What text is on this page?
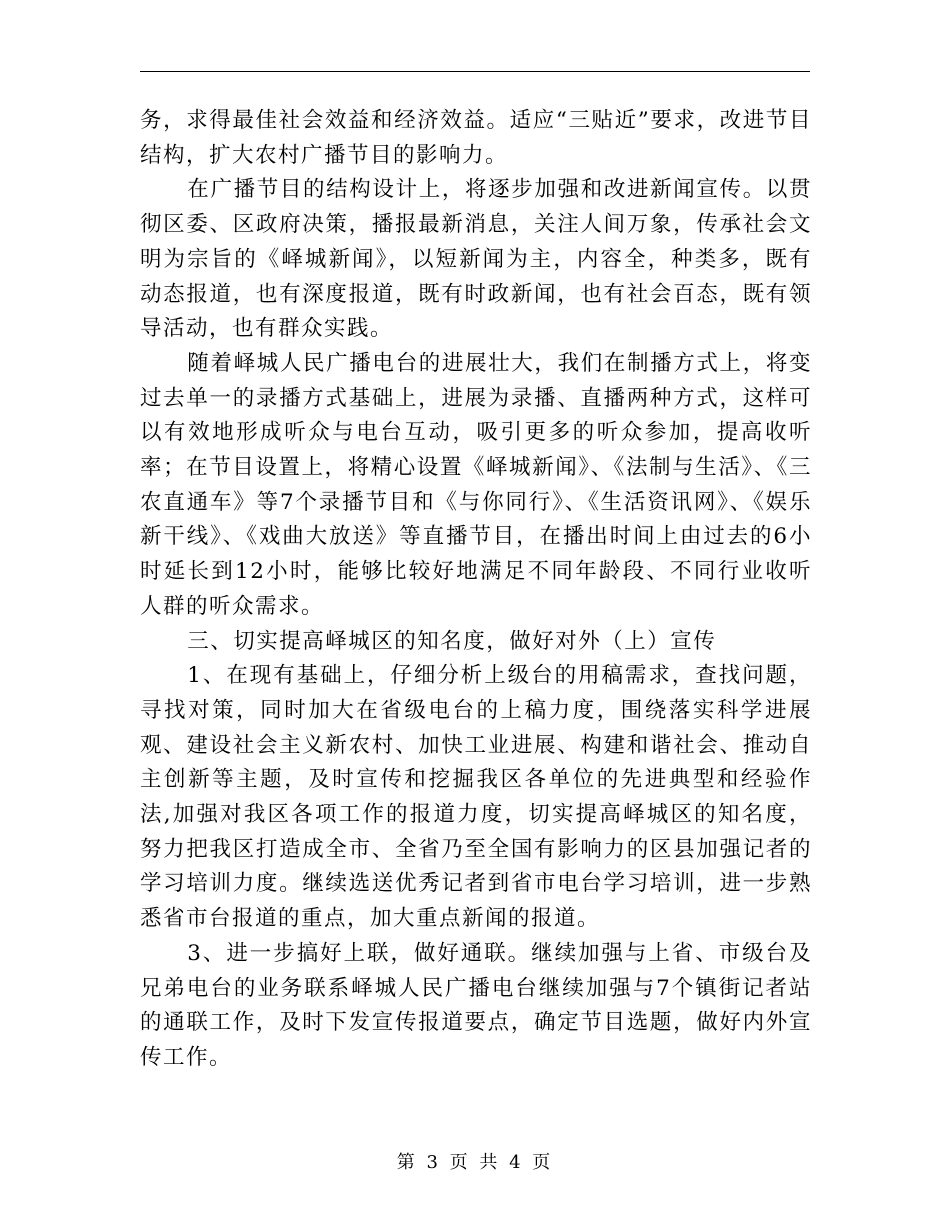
务，求得最佳社会效益和经济效益。适应“三贴近”要求，改进节目结构，扩大农村广播节目的影响力。

在广播节目的结构设计上，将逐步加强和改进新闻宣传。以贯彻区委、区政府决策，播报最新消息，关注人间万象，传承社会文明为宗旨的《峄城新闻》，以短新闻为主，内容全，种类多，既有动态报道，也有深度报道，既有时政新闻，也有社会百态，既有领导活动，也有群众实践。

随着峄城人民广播电台的进展壮大，我们在制播方式上，将变过去单一的录播方式基础上，进展为录播、直播两种方式，这样可以有效地形成听众与电台互动，吸引更多的听众参加，提高收听率；在节目设置上，将精心设置《峄城新闻》、《法制与生活》、《三农直通车》等7个录播节目和《与你同行》、《生活资讯网》、《娱乐新干线》、《戏曲大放送》等直播节目，在播出时间上由过去的6小时延长到12小时，能够比较好地满足不同年龄段、不同行业收听人群的听众需求。

三、切实提高峄城区的知名度，做好对外（上）宣传

1、在现有基础上，仔细分析上级台的用稿需求，查找问题，寻找对策，同时加大在省级电台的上稿力度，围绕落实科学进展观、建设社会主义新农村、加快工业进展、构建和谐社会、推动自主创新等主题，及时宣传和挖掘我区各单位的先进典型和经验作法,加强对我区各项工作的报道力度，切实提高峄城区的知名度，努力把我区打造成全市、全省乃至全国有影响力的区县加强记者的学习培训力度。继续选送优秀记者到省市电台学习培训，进一步熟悉省市台报道的重点，加大重点新闻的报道。

3、进一步搞好上联，做好通联。继续加强与上省、市级台及兄弟电台的业务联系峄城人民广播电台继续加强与7个镇街记者站的通联工作，及时下发宣传报道要点，确定节目选题，做好内外宣传工作。

第 3 页 共 4 页
